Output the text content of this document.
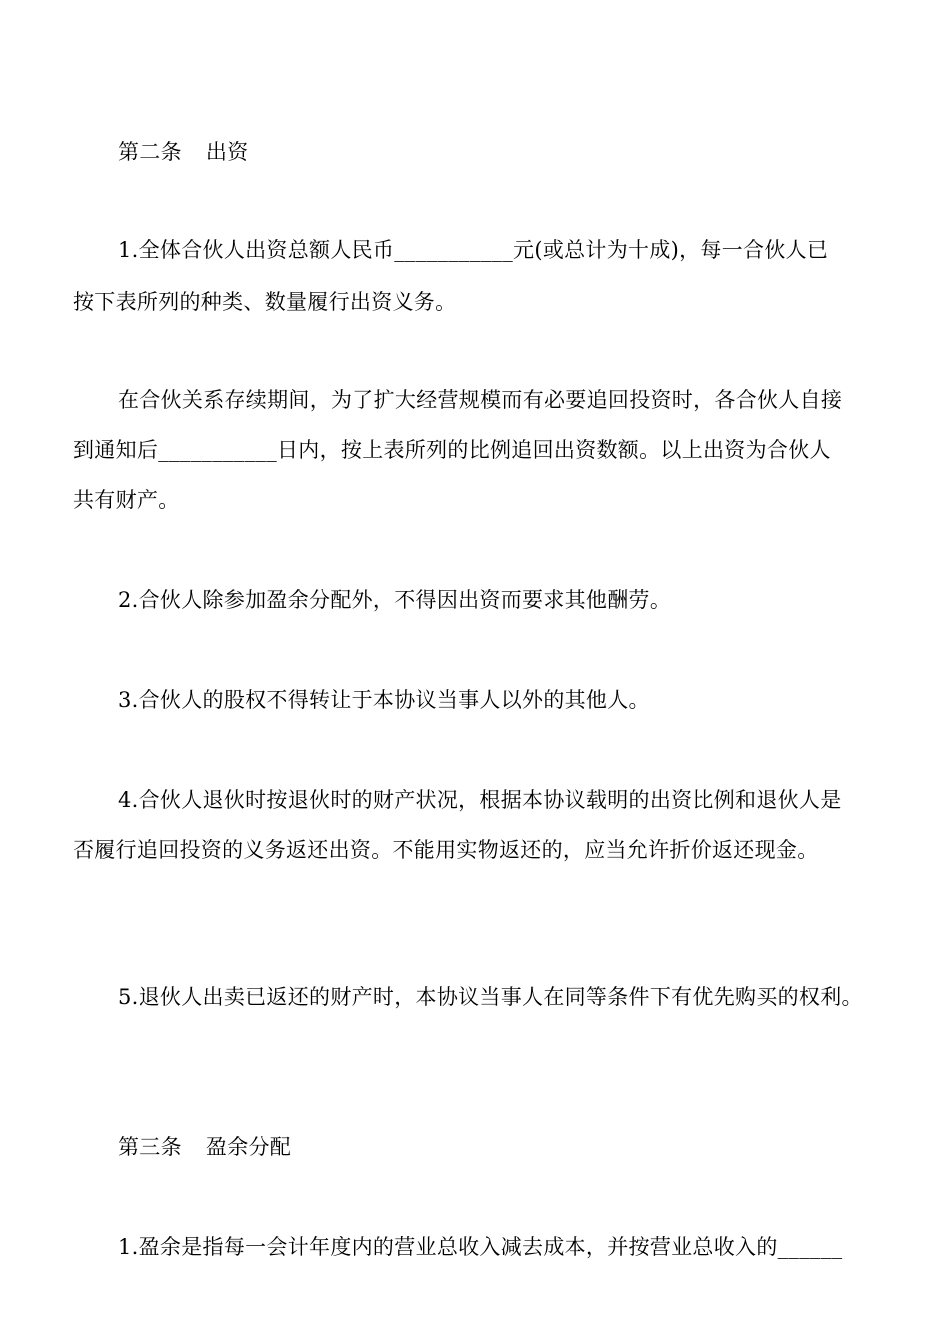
第二条 出资
1.全体合伙人出资总额人民币___________元(或总计为十成)，每一合伙人已
按下表所列的种类、数量履行出资义务。
在合伙关系存续期间，为了扩大经营规模而有必要追回投资时，各合伙人自接
到通知后___________日内，按上表所列的比例追回出资数额。以上出资为合伙人
共有财产。
2.合伙人除参加盈余分配外，不得因出资而要求其他酬劳。
3.合伙人的股权不得转让于本协议当事人以外的其他人。
4.合伙人退伙时按退伙时的财产状况，根据本协议载明的出资比例和退伙人是
否履行追回投资的义务返还出资。不能用实物返还的，应当允许折价返还现金。
5.退伙人出卖已返还的财产时，本协议当事人在同等条件下有优先购买的权利。
第三条 盈余分配
1.盈余是指每一会计年度内的营业总收入减去成本，并按营业总收入的______
